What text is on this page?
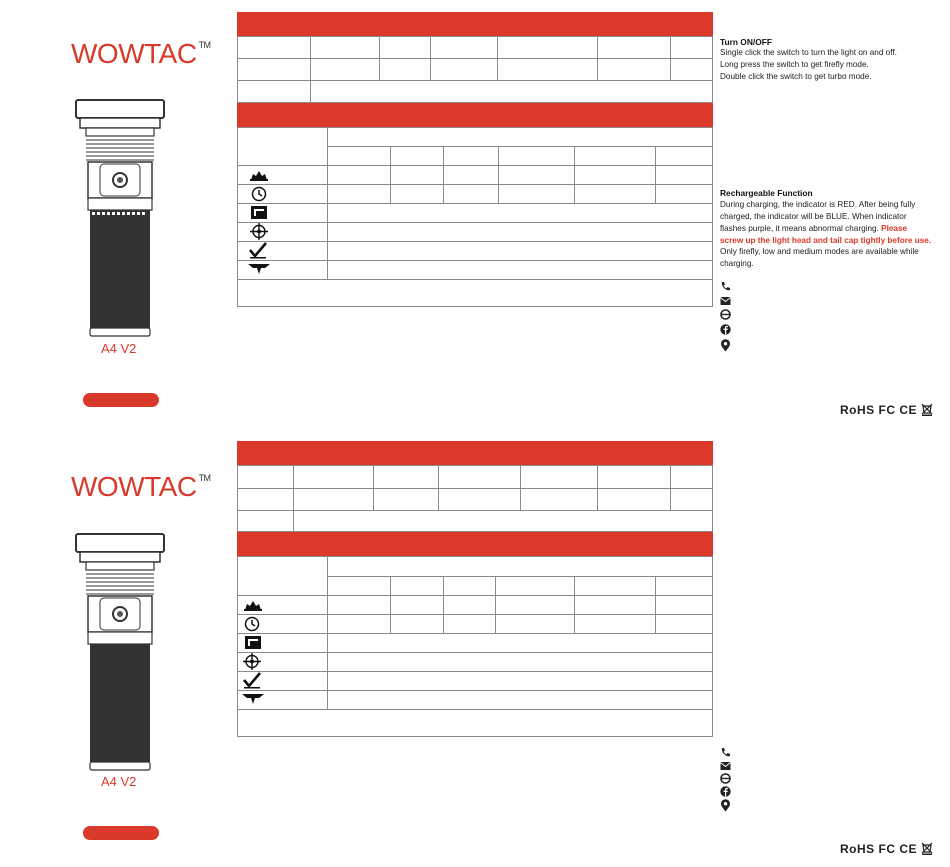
WOWTAC ™
A4 V2
Turn ON/OFF
Single click the switch to turn the light on and off.
Long press the switch to get firefly mode.
Double click the switch to get turbo mode.
Rechargeable Function
During charging, the indicator is RED. After being fully
charged, the indicator will be BLUE. When indicator
flashes purple, it means abnormal charging. Please
screw up the light head and tail cap tightly before use.
Only firefly, low and medium modes are available while
charging.
RoHS FC CE
WOWTAC ™
A4 V2
RoHS FC CE
